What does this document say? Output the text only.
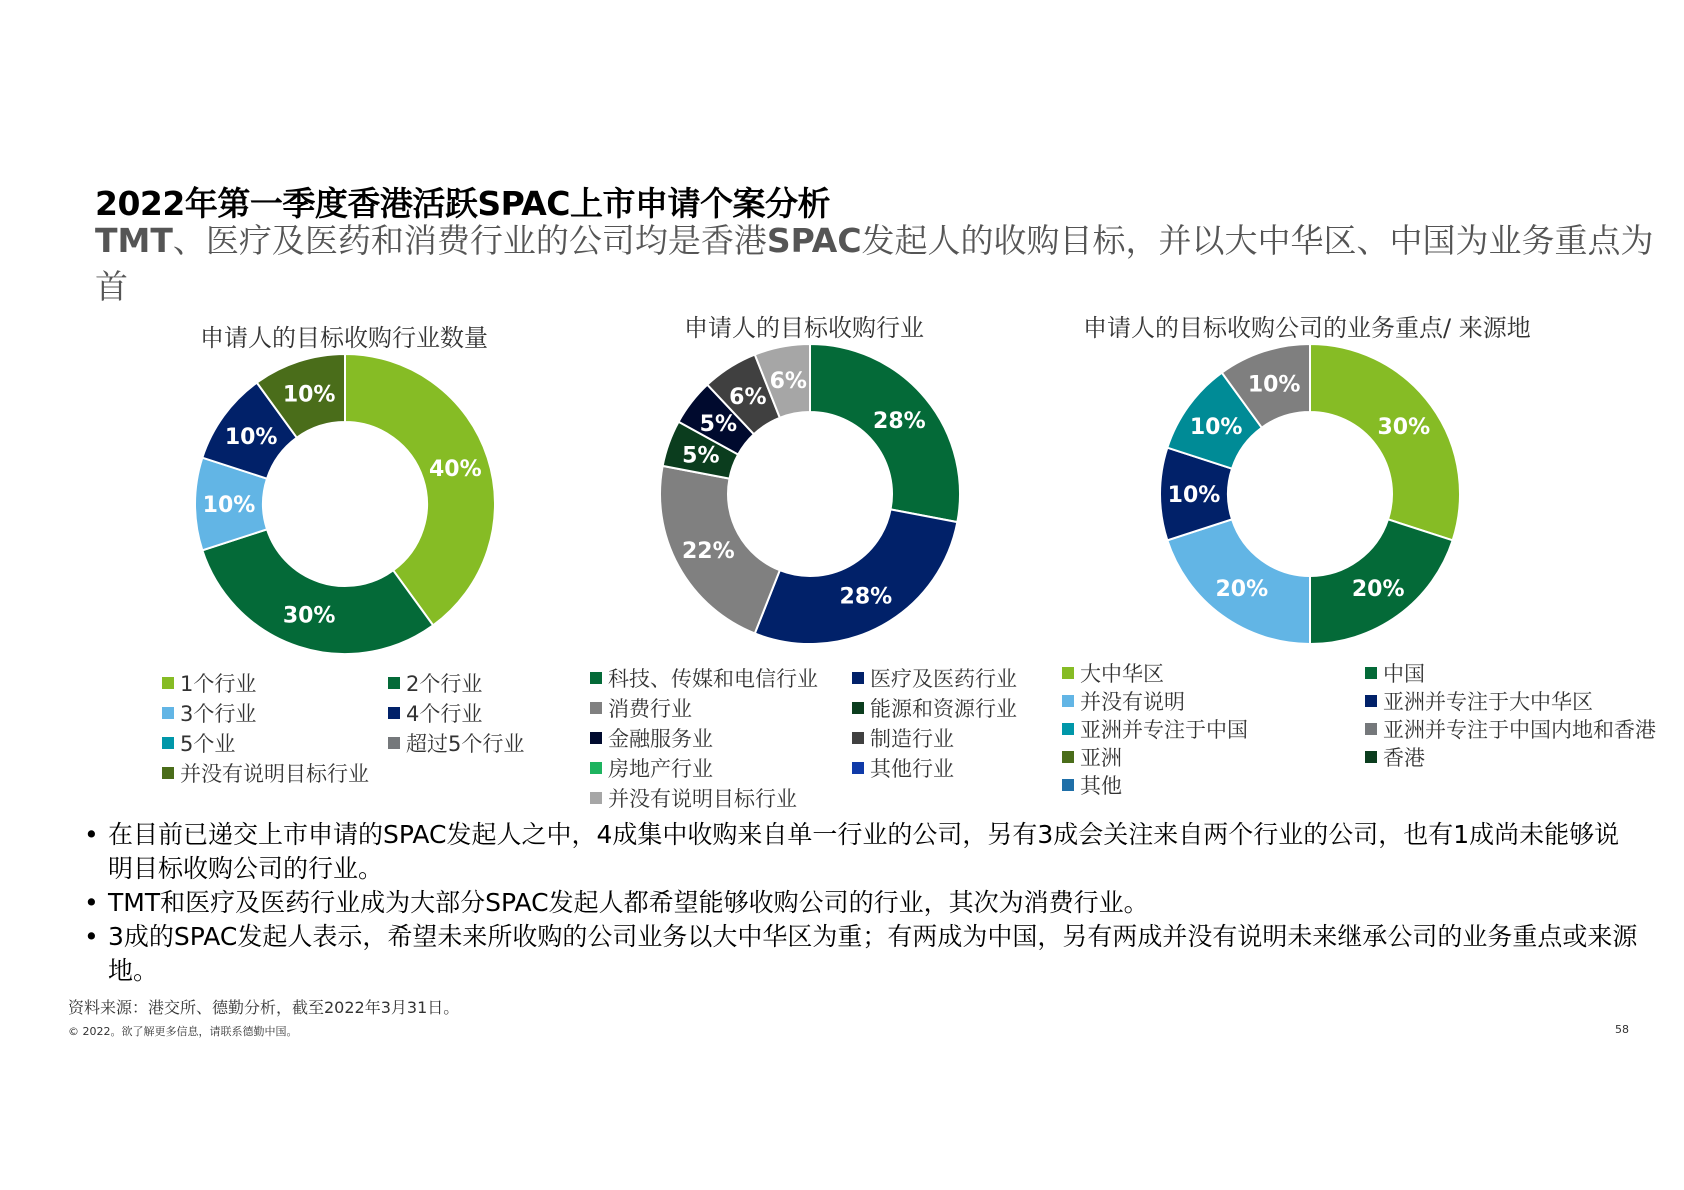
2022年第一季度香港活跃SPAC上市申请个案分析
TMT、医疗及医药和消费行业的公司均是香港SPAC发起人的收购目标，并以大中华区、中国为业务重点为首
申请人的目标收购行业数量
40%
30%
10%
10%
10%
1个行业	2个行业
3个行业	4个行业
5个业	超过5个行业
并没有说明目标行业
申请人的目标收购行业
28%
28%
22%
5%
5%
6%
6%
科技、传媒和电信行业 医疗及医药行业
消费行业	能源和资源行业
金融服务业	制造行业
房地产行业	其他行业
并没有说明目标行业
申请人的目标收购公司的业务重点/ 来源地
30%
20%
20%
10%
10%
10%
大中华区	中国
并没有说明	亚洲并专注于大中华区
亚洲并专注于中国	亚洲并专注于中国内地和香港
亚洲	香港
其他
• 在目前已递交上市申请的SPAC发起人之中，4成集中收购来自单一行业的公司，另有3成会关注来自两个行业的公司，也有1成尚未能够说明目标收购公司的行业。
• TMT和医疗及医药行业成为大部分SPAC发起人都希望能够收购公司的行业，其次为消费行业。
• 3成的SPAC发起人表示，希望未来所收购的公司业务以大中华区为重；有两成为中国，另有两成并没有说明未来继承公司的业务重点或来源地。
资料来源：港交所、德勤分析，截至2022年3月31日。
© 2022。欲了解更多信息，请联系德勤中国。	58
